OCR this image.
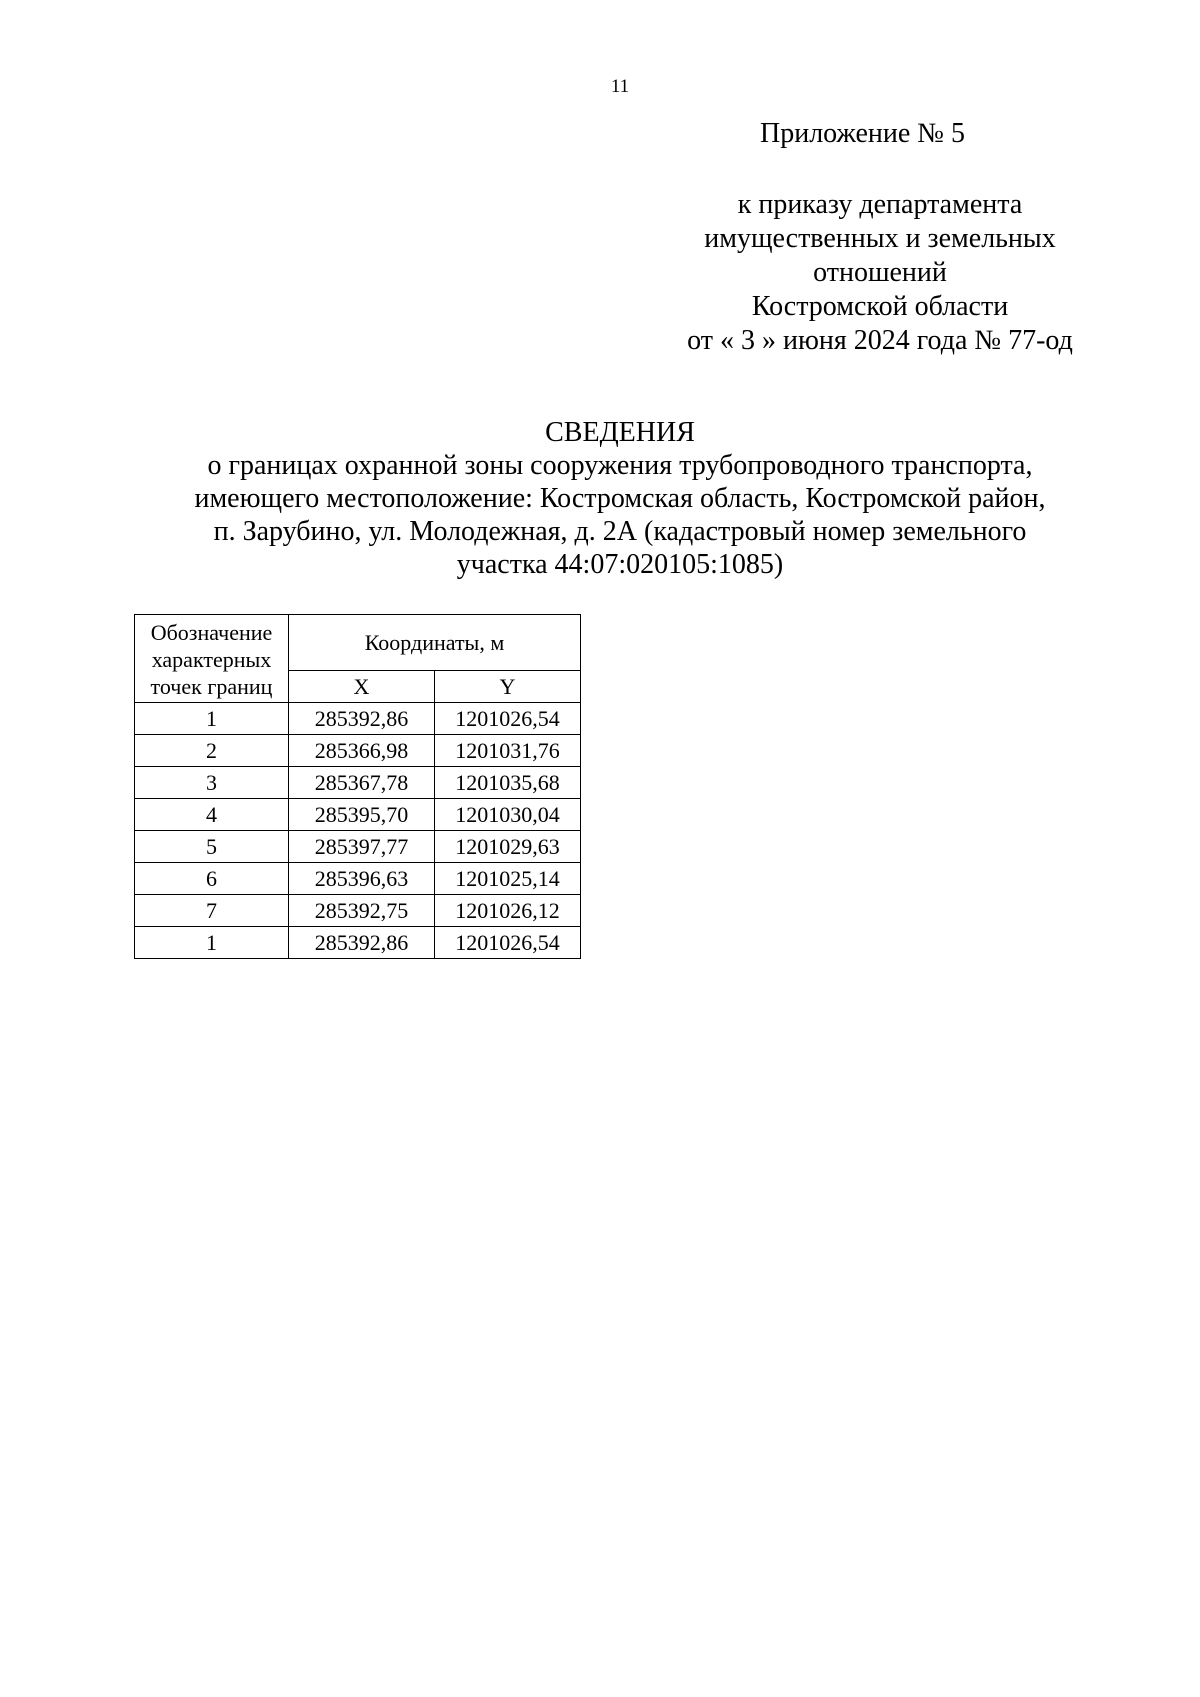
11
Приложение № 5
к приказу департамента
имущественных и земельных
отношений
Костромской области
от « 3 » июня 2024 года № 77-од
СВЕДЕНИЯ
о границах охранной зоны сооружения трубопроводного транспорта,
имеющего местоположение: Костромская область, Костромской район,
п. Зарубино, ул. Молодежная, д. 2А (кадастровый номер земельного
участка 44:07:020105:1085)
Обозначение
характерных
точек границ	Координаты, м	
	X	Y
1	285392,86	1201026,54
2	285366,98	1201031,76
3	285367,78	1201035,68
4	285395,70	1201030,04
5	285397,77	1201029,63
6	285396,63	1201025,14
7	285392,75	1201026,12
1	285392,86	1201026,54
